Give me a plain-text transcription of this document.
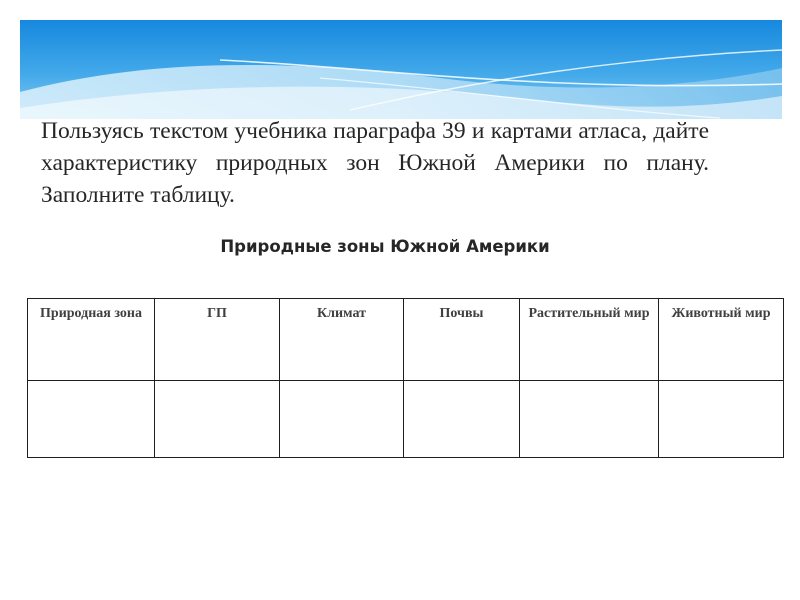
Пользуясь текстом учебника параграфа 39 и картами атласа, дайте характеристику природных зон Южной Америки по плану. Заполните таблицу.

Природные зоны Южной Америки

Природная зона	ГП	Климат	Почвы	Растительный мир	Животный мир
